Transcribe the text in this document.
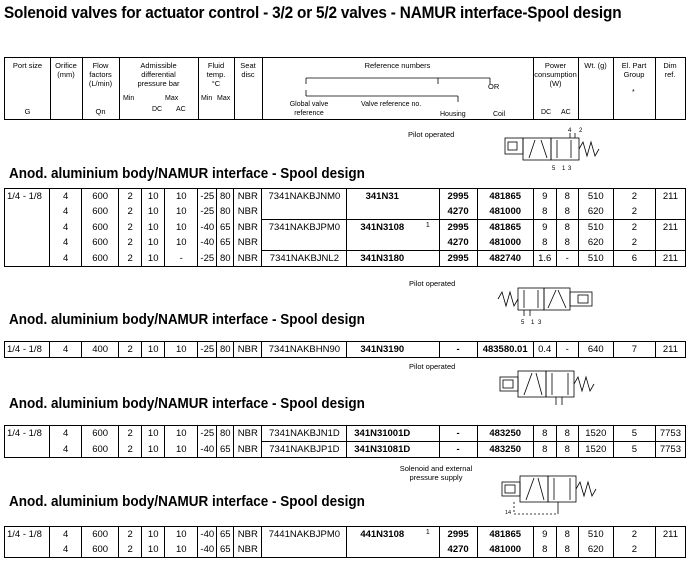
Solenoid valves for actuator control - 3/2 or 5/2 valves - NAMUR interface-Spool design
Port size
G
Orifice (mm)
Flow factors (L/min)
Qn
Admissible differential pressure bar
Min	Max
DC AC
Fluid temp. °C
Min Max
Seat disc
Reference numbers
OR
Global valve reference
Valve reference no.
Housing	Coil
Power consumption (W)
DC AC
Wt. (g)	El. Part Group
*
Dim ref.
Pilot operated	4 2
5 1 3
Anod. aluminium body/NAMUR interface - Spool design
1/4 - 1/8	4	600	2	10	10	-25	80	NBR	7341NAKBJNM0	341N31		2995	481865	9	8	510	2	211
	4	600	2	10	10	-25	80	NBR				4270	481000	8	8	620	2	
	4	600	2	10	10	-40	65	NBR	7341NAKBJPM0	341N3108	1	2995	481865	9	8	510	2	211
	4	600	2	10	10	-40	65	NBR				4270	481000	8	8	620	2	
	4	600	2	10	-	-25	80	NBR	7341NAKBJNL2	341N3180		2995	482740	1.6	-	510	6	211
Pilot operated
5 1 3
Anod. aluminium body/NAMUR interface - Spool design
1/4 - 1/8	4	400	2	10	10	-25	80	NBR	7341NAKBHN90	341N3190		-	483580.01	0.4	-	640	7	211
Pilot operated
Anod. aluminium body/NAMUR interface - Spool design
1/4 - 1/8	4	600	2	10	10	-25	80	NBR	7341NAKBJN1D	341N31001D		-	483250	8	8	1520	5	7753
	4	600	2	10	10	-40	65	NBR	7341NAKBJP1D	341N31081D		-	483250	8	8	1520	5	7753
Solenoid and external pressure supply
14
Anod. aluminium body/NAMUR interface - Spool design
1/4 - 1/8	4	600	2	10	10	-40	65	NBR	7441NAKBJPM0	441N3108	1	2995	481865	9	8	510	2	211
	4	600	2	10	10	-40	65	NBR				4270	481000	8	8	620	2	
